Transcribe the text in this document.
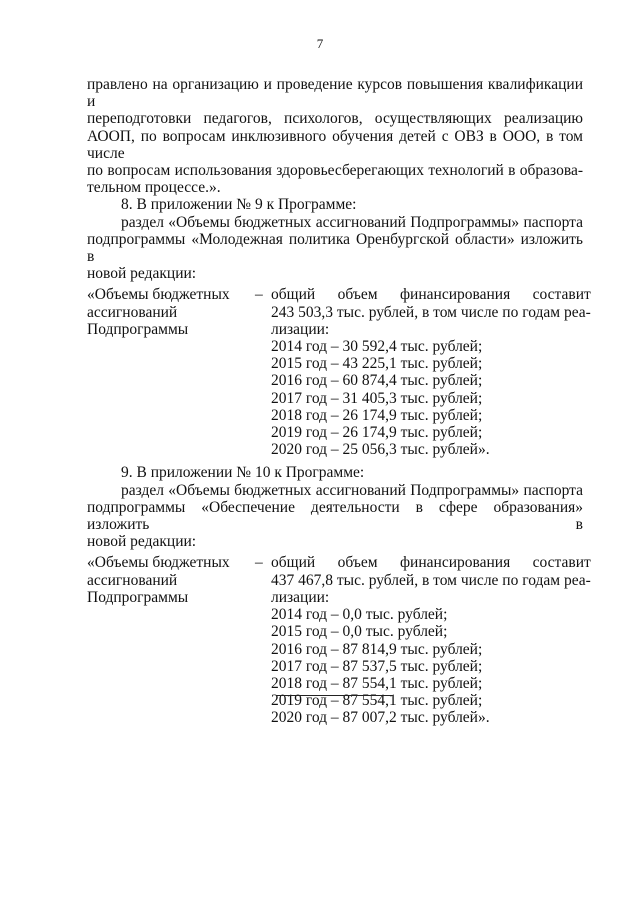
7
правлено на организацию и проведение курсов повышения квалификации и
переподготовки педагогов, психологов, осуществляющих реализацию
АООП, по вопросам инклюзивного обучения детей с ОВЗ в ООО, в том числе
по вопросам использования здоровьесберегающих технологий в образова-
тельном процессе.».
8. В приложении № 9 к Программе:
раздел «Объемы бюджетных ассигнований Подпрограммы» паспорта
подпрограммы «Молодежная политика Оренбургской области» изложить в
новой редакции:
«Объемы бюджетных
ассигнований
Подпрограммы
– общий объем финансирования составит
243 503,3 тыс. рублей, в том числе по годам реа-
лизации:
2014 год – 30 592,4 тыс. рублей;
2015 год – 43 225,1 тыс. рублей;
2016 год – 60 874,4 тыс. рублей;
2017 год – 31 405,3 тыс. рублей;
2018 год – 26 174,9 тыс. рублей;
2019 год – 26 174,9 тыс. рублей;
2020 год – 25 056,3 тыс. рублей».
9. В приложении № 10 к Программе:
раздел «Объемы бюджетных ассигнований Подпрограммы» паспорта
подпрограммы «Обеспечение деятельности в сфере образования» изложить в
новой редакции:
«Объемы бюджетных
ассигнований
Подпрограммы
– общий объем финансирования составит
437 467,8 тыс. рублей, в том числе по годам реа-
лизации:
2014 год – 0,0 тыс. рублей;
2015 год – 0,0 тыс. рублей;
2016 год – 87 814,9 тыс. рублей;
2017 год – 87 537,5 тыс. рублей;
2018 год – 87 554,1 тыс. рублей;
2019 год – 87 554,1 тыс. рублей;
2020 год – 87 007,2 тыс. рублей».
